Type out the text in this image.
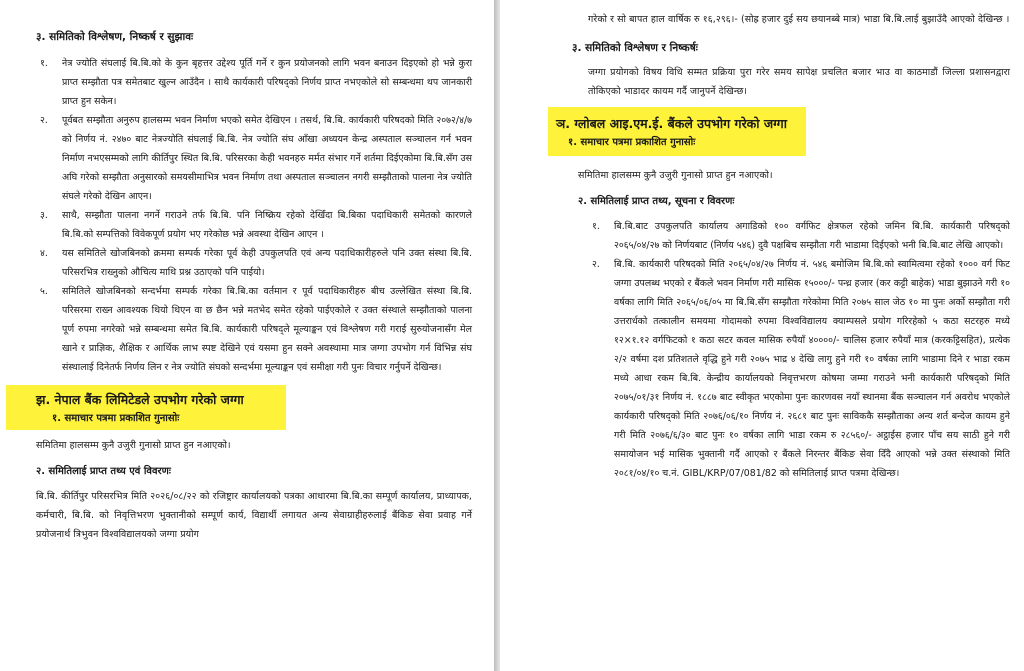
३. समितिको विश्लेषण, निष्कर्ष र सुझावः

१.	नेत्र ज्योति संघलाई बि.बि.को के कुन बृहत्तर उद्देश्य पूर्ति गर्ने र कुन प्रयोजनको लागि भवन बनाउन दिइएको हो भन्ने कुरा प्राप्त सम्झौता पत्र समेतबाट खुल्न आउँदैन । साथै कार्यकारी परिषद्को निर्णय प्राप्त नभएकोले सो सम्बन्धमा थप जानकारी प्राप्त हुन सकेन।
२.	पूर्वबत सम्झौता अनुरुप हालसम्म भवन निर्माण भएको समेत देखिएन । तसर्थ, बि.बि. कार्यकारी परिषदको मिति २०७२/४/७ को निर्णय नं. २४७० बाट नेत्रज्योति संघलाई बि.बि. नेत्र ज्योति संघ आँखा अध्ययन केन्द्र अस्पताल सञ्चालन गर्न भवन निर्माण नभएसम्मको लागि कीर्तिपुर स्थित बि.बि. परिसरका केही भवनहरु मर्मत संभार गर्ने शर्तमा दिईएकोमा बि.बि.सँग उस अघि गरेको सम्झौता अनुसारको समयसीमाभित्र भवन निर्माण तथा अस्पताल सञ्चालन नगरी सम्झौताको पालना नेत्र ज्योति संघले गरेको देखिन आएन।
३.	साथै, सम्झौता पालना नगर्ने गराउने तर्फ बि.बि. पनि निष्क्रिय रहेको देखिँदा बि.बिका पदाधिकारी समेतको कारणले बि.बि.को सम्पत्तिको विवेकपूर्ण प्रयोग भए गरेकोछ भन्ने अवस्था देखिन आएन ।
४.	यस समितिले खोजबिनको क्रममा सम्पर्क गरेका पूर्व केही उपकुलपति एवं अन्य पदाधिकारीहरुले पनि उक्त संस्था बि.बि. परिसरभित्र राख्नुको औचित्य माथि प्रश्न उठाएको पनि पाईयो।
५.	समितिले खोजबिनको सन्दर्भमा सम्पर्क गरेका बि.बि.का वर्तमान र पूर्व पदाधिकारीहरु बीच उल्लेखित संस्था बि.बि. परिसरमा राख्न आवश्यक थियो थिएन वा छ छैन भन्ने मतभेद समेत रहेको पाईएकोले र उक्त संस्थाले सम्झौताको पालना पूर्ण रुपमा नगरेको भन्ने सम्बन्धमा समेत बि.बि. कार्यकारी परिषद्ले मूल्याङ्कन एवं विश्लेषण गरी गराई सुरुयोजनासँग मेल खाने र प्राज्ञिक, शैक्षिक र आर्थिक लाभ स्पष्ट देखिने एवं यसमा हुन सक्ने अवस्थामा मात्र जग्गा उपभोग गर्न विभिन्न संघ संस्थालाई दिनेतर्फ निर्णय लिन र नेत्र ज्योति संघको सन्दर्भमा मूल्याङ्कन एवं समीक्षा गरी पुनः विचार गर्नुपर्ने देखिन्छ।

झ. नेपाल बैंक लिमिटेडले उपभोग गरेको जग्गा

१. समाचार पत्रमा प्रकाशित गुनासोः

समितिमा हालसम्म कुनै उजुरी गुनासो प्राप्त हुन नआएको।

२. समितिलाई प्राप्त तथ्य एवं विवरणः

बि.बि. कीर्तिपुर परिसरभित्र मिति २०२६/०८/२२ को रजिष्ट्रार कार्यालयको पत्रका आधारमा बि.बि.का सम्पूर्ण कार्यालय, प्राध्यापक, कर्मचारी, बि.बि. को निवृत्तिभरण भुक्तानीको सम्पूर्ण कार्य, विद्यार्थी लगायत अन्य सेवाग्राहीहरुलाई बैंकिङ सेवा प्रवाह गर्ने प्रयोजनार्थ त्रिभुवन विश्वविद्यालयको जग्गा प्रयोग

गरेको र सो बापत हाल वार्षिक रु १६,२९६।- (सोह्र हजार दुई सय छयानब्बे मात्र) भाडा बि.बि.लाई बुझाउँदै आएको देखिन्छ ।

३. समितिको विश्लेषण र निष्कर्षः

जग्गा प्रयोगको विषय विधि सम्मत प्रक्रिया पुरा गरेर समय सापेक्ष प्रचलित बजार भाउ वा काठमाडौं जिल्ला प्रशासनद्वारा तोकिएको भाडादर कायम गर्दै जानुपर्ने देखिन्छ।

ञ. ग्लोबल आइ.एम.ई. बैंकले उपभोग गरेको जग्गा

१. समाचार पत्रमा प्रकाशित गुनासोः

समितिमा हालसम्म कुनै उजुरी गुनासो प्राप्त हुन नआएको।

२. समितिलाई प्राप्त तथ्य, सूचना र विवरणः

१.	बि.बि.बाट उपकुलपति कार्यालय अगाडिको १०० वर्गफिट क्षेत्रफल रहेको जमिन बि.बि. कार्यकारी परिषद्को २०६५/०४/२७ को निर्णयबाट (निर्णय ५४६) दुवै पक्षबिच सम्झौता गरी भाडामा दिईएको भनी बि.बि.बाट लेखि आएको।
२.	बि.बि. कार्यकारी परिषदको मिति २०६५/०४/२७ निर्णय नं. ५४६ बमोजिम बि.बि.को स्वामित्वमा रहेको १००० वर्ग फिट जग्गा उपलब्ध भएको र बैंकले भवन निर्माण गरी मासिक १५०००/- पन्ध्र हजार (कर कट्टी बाहेक) भाडा बुझाउने गरी १० वर्षका लागि मिति २०६५/०६/०५ मा बि.बि.सँग सम्झौता गरेकोमा मिति २०७५ साल जेठ १० मा पुनः अर्को सम्झौता गरी उत्तरार्धको तत्कालीन समयमा गोदामको रुपमा विश्वविद्यालय क्याम्पसले प्रयोग गरिरहेको ५ कठा सटरहरु मध्ये १२×१.१२ वर्गफिटको १ कठा सटर कवल मासिक रुपैयाँ ४००००/- चालिस हजार रुपैयाँ मात्र (करकट्टिसहित), प्रत्येक २/२ वर्षमा दश प्रतिशतले वृद्धि हुने गरी २०७५ भाद्र ४ देखि लागु हुने गरी १० वर्षका लागि भाडामा दिने र भाडा रकम मध्ये आधा रकम बि.बि. केन्द्रीय कार्यालयको निवृत्तभरण कोषमा जम्मा गराउने भनी कार्यकारी परिषद्को मिति २०७५/०१/३१ निर्णय नं. १८८७ बाट स्वीकृत भएकोमा पुनः कारणवस नयाँ स्थानमा बैंक सञ्चालन गर्न अवरोध भएकोले कार्यकारी परिषद्को मिति २०७६/०६/१० निर्णय नं. २६८१ बाट पुनः साविककै सम्झौताका अन्य शर्त बन्देज कायम हुने गरी मिति २०७६/६/३० बाट पुनः १० वर्षका लागि भाडा रकम रु २८५६०/- अट्ठाईस हजार पाँच सय साठी हुने गरी समायोजन भई मासिक भुक्तानी गर्दै आएको र बैंकले निरन्तर बैंकिङ सेवा दिँदै आएको भन्ने उक्त संस्थाको मिति २०८१/०४/१० च.नं. GIBL/KRP/07/081/82 को समितिलाई प्राप्त पत्रमा देखिन्छ।
